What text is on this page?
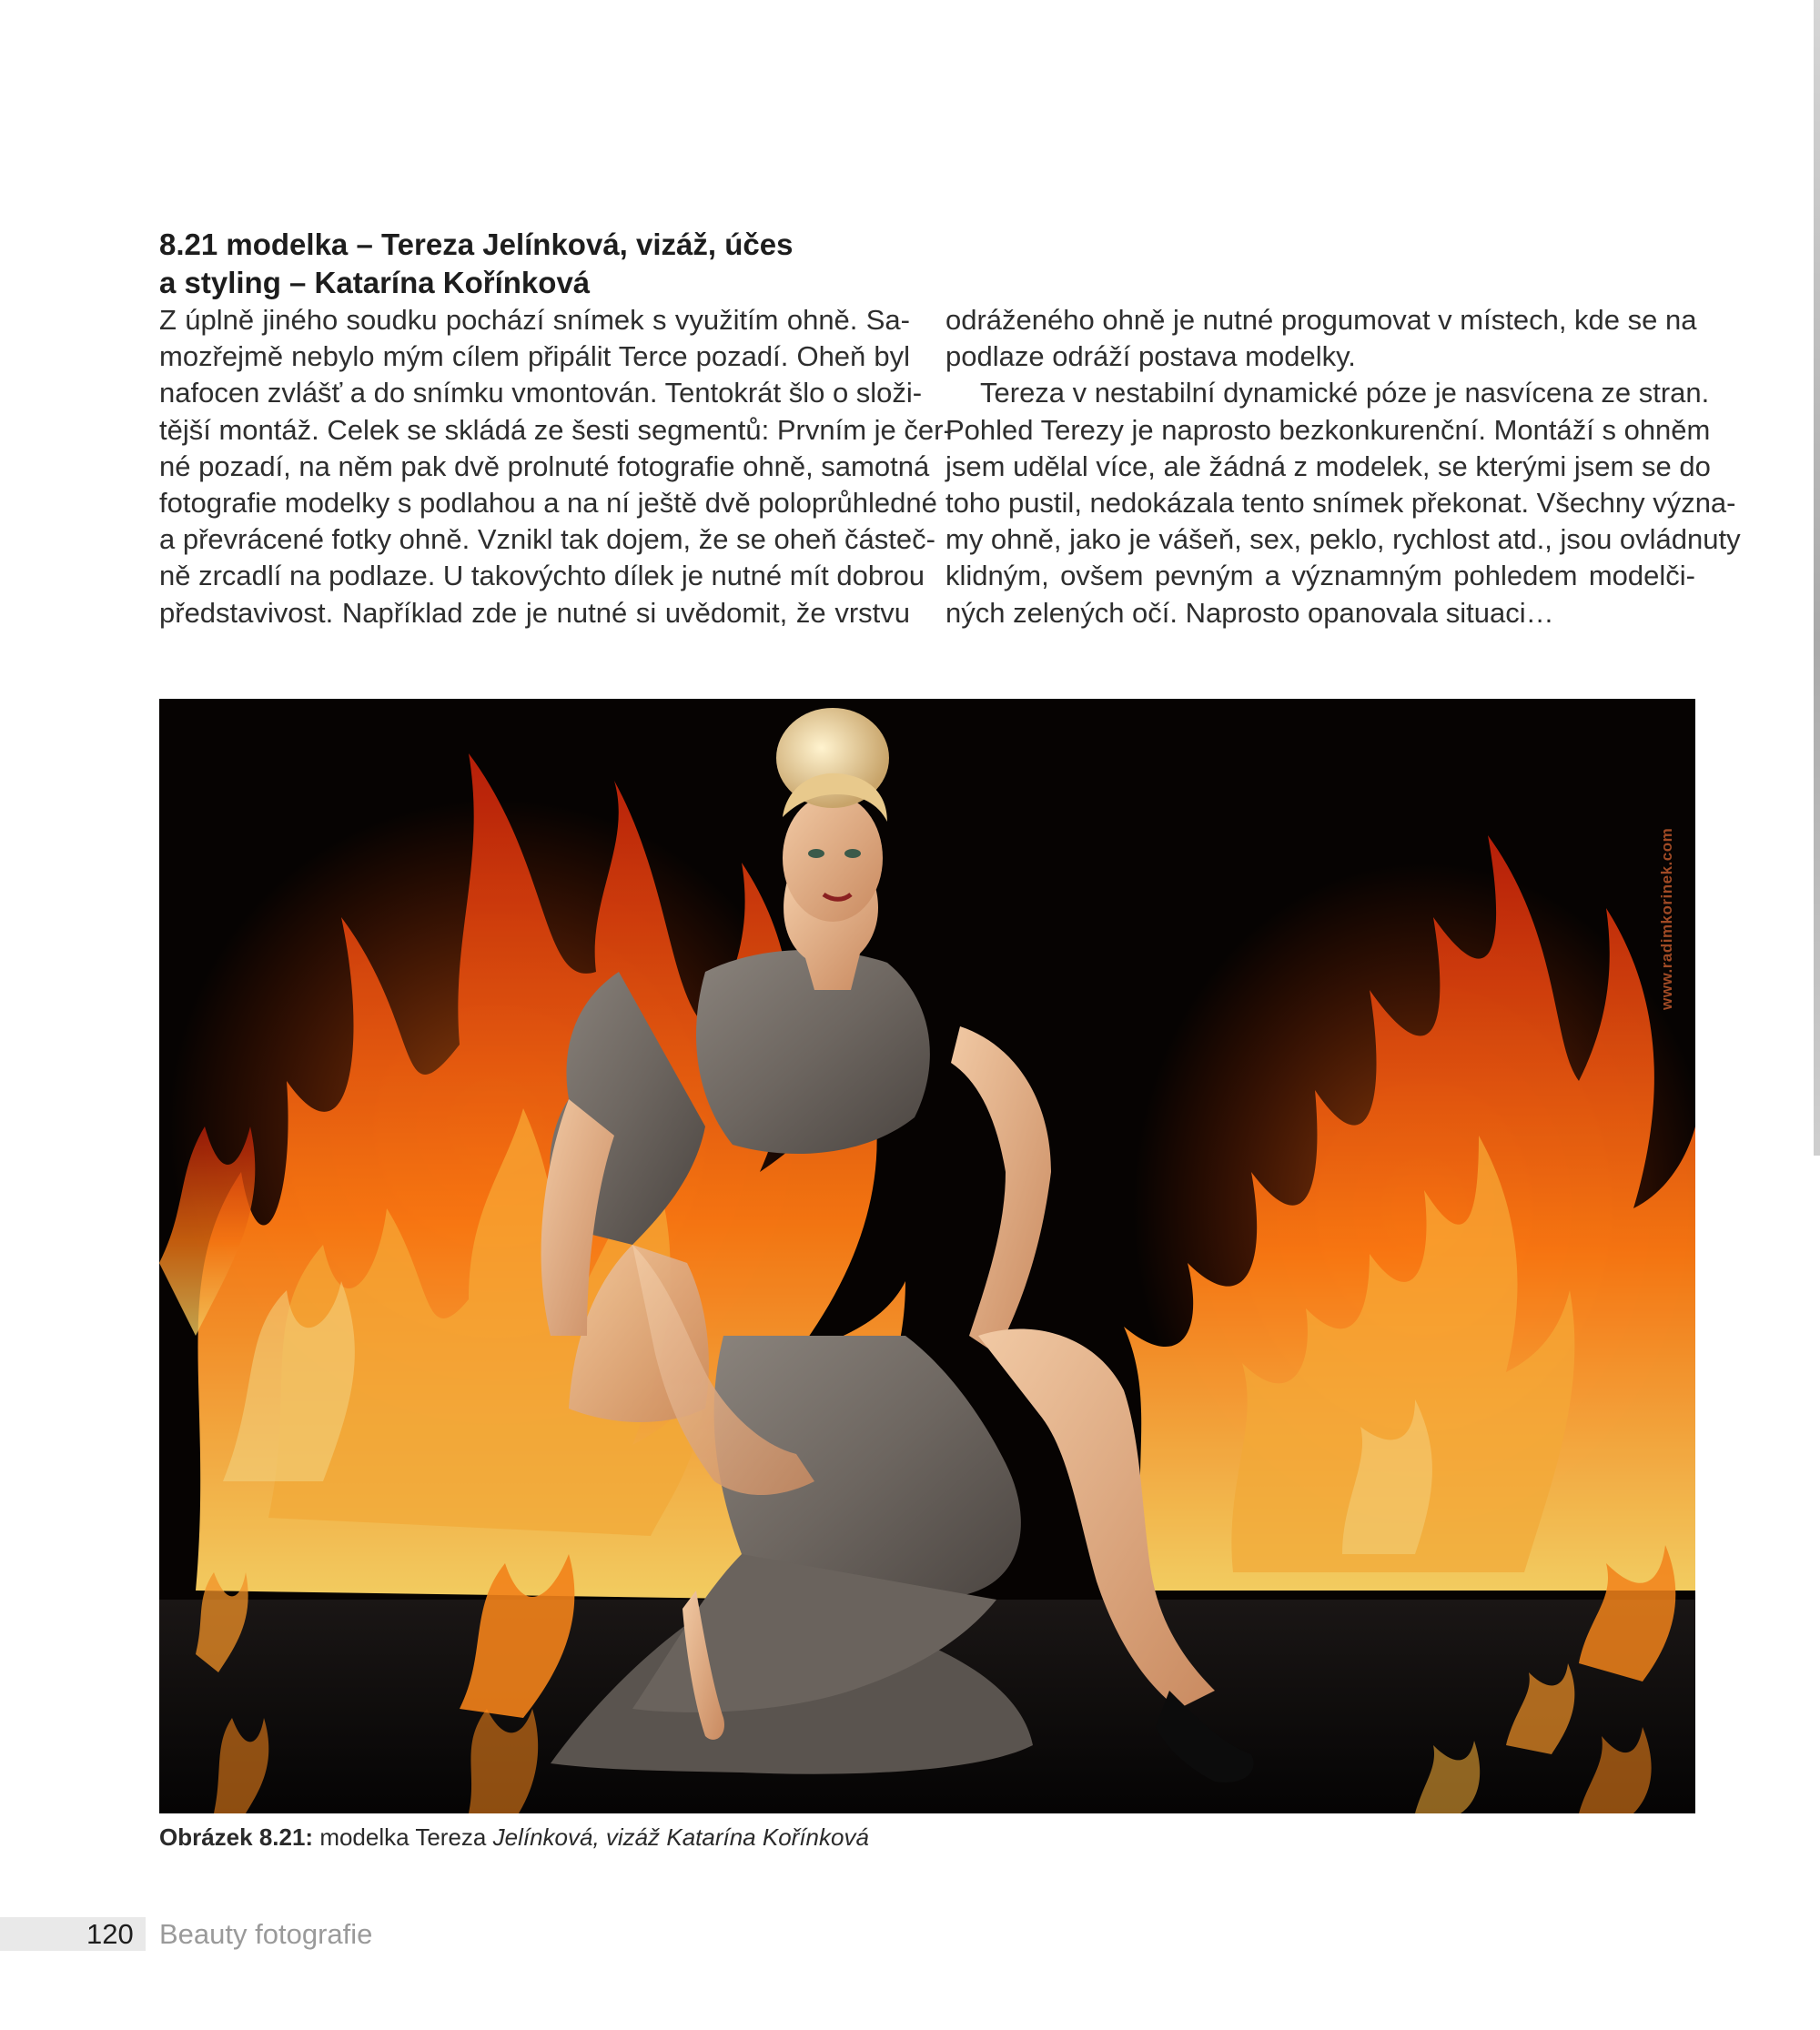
8.21 modelka – Tereza Jelínková, vizáž, účes
a styling – Katarína Kořínková
Z úplně jiného soudku pochází snímek s využitím ohně. Sa-
mozřejmě nebylo mým cílem připálit Terce pozadí. Oheň byl
nafocen zvlášť a do snímku vmontován. Tentokrát šlo o složi-
tější montáž. Celek se skládá ze šesti segmentů: Prvním je čer-
né pozadí, na něm pak dvě prolnuté fotografie ohně, samotná
fotografie modelky s podlahou a na ní ještě dvě poloprůhledné
a převrácené fotky ohně. Vznikl tak dojem, že se oheň částeč-
ně zrcadlí na podlaze. U takovýchto dílek je nutné mít dobrou
představivost. Například zde je nutné si uvědomit, že vrstvu
odráženého ohně je nutné progumovat v místech, kde se na
podlaze odráží postava modelky.
Tereza v nestabilní dynamické póze je nasvícena ze stran.
Pohled Terezy je naprosto bezkonkurenční. Montáží s ohněm
jsem udělal více, ale žádná z modelek, se kterými jsem se do
toho pustil, nedokázala tento snímek překonat. Všechny význa-
my ohně, jako je vášeň, sex, peklo, rychlost atd., jsou ovládnuty
klidným, ovšem pevným a významným pohledem modelči-
ných zelených očí. Naprosto opanovala situaci…
www.radimkorinek.com
Obrázek 8.21: modelka Tereza Jelínková, vizáž Katarína Kořínková
120 Beauty fotografie
